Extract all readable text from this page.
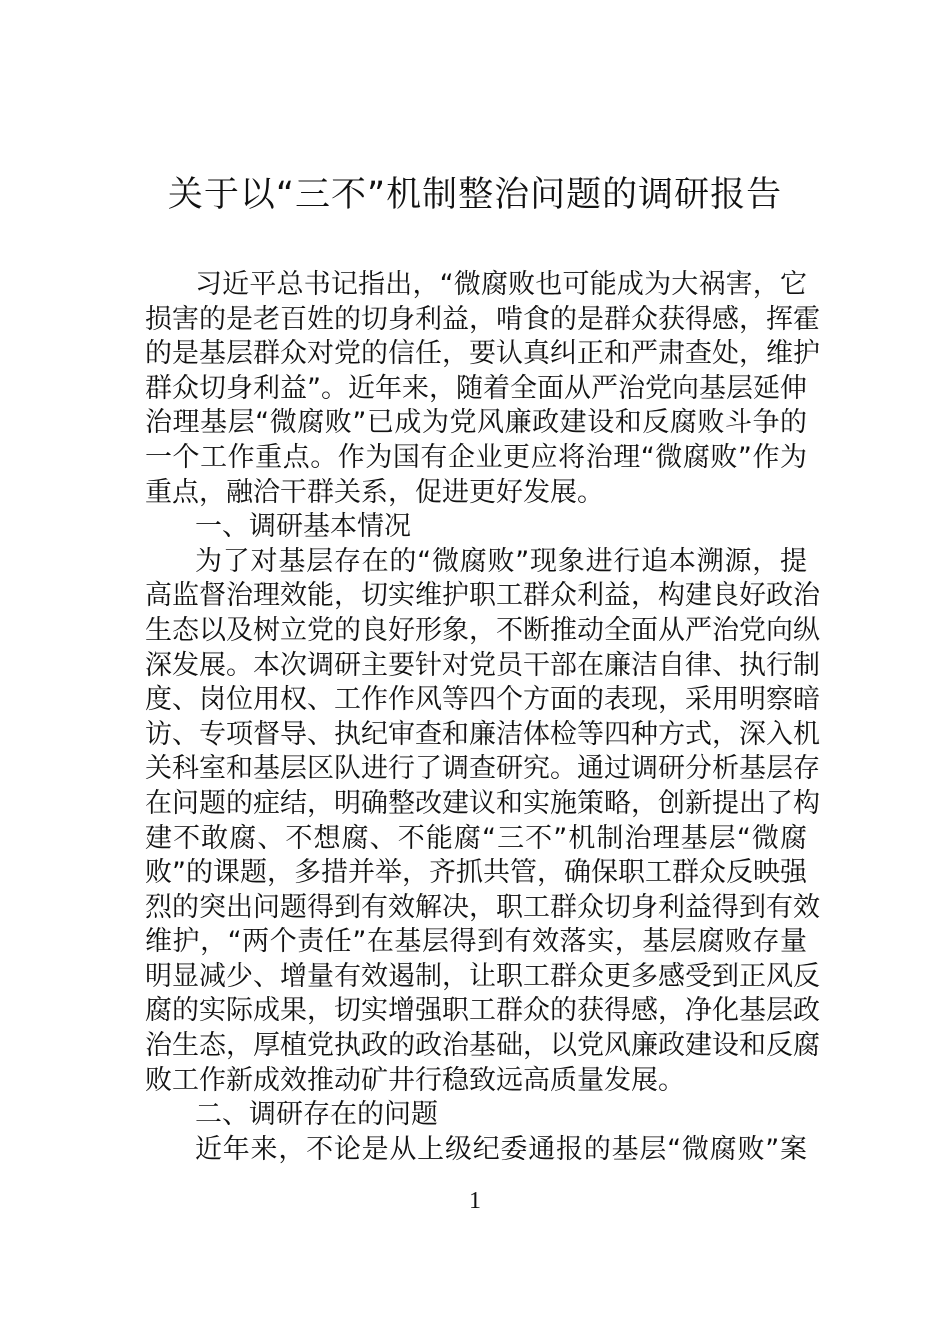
关于以“三不”机制整治问题的调研报告
习近平总书记指出，“微腐败也可能成为大祸害，它
损害的是老百姓的切身利益，啃食的是群众获得感，挥霍
的是基层群众对党的信任，要认真纠正和严肃查处，维护
群众切身利益”。近年来，随着全面从严治党向基层延伸
治理基层“微腐败”已成为党风廉政建设和反腐败斗争的
一个工作重点。作为国有企业更应将治理“微腐败”作为
重点，融洽干群关系，促进更好发展。
一、调研基本情况
为了对基层存在的“微腐败”现象进行追本溯源，提
高监督治理效能，切实维护职工群众利益，构建良好政治
生态以及树立党的良好形象，不断推动全面从严治党向纵
深发展。本次调研主要针对党员干部在廉洁自律、执行制
度、岗位用权、工作作风等四个方面的表现，采用明察暗
访、专项督导、执纪审查和廉洁体检等四种方式，深入机
关科室和基层区队进行了调查研究。通过调研分析基层存
在问题的症结，明确整改建议和实施策略，创新提出了构
建不敢腐、不想腐、不能腐“三不”机制治理基层“微腐
败”的课题，多措并举，齐抓共管，确保职工群众反映强
烈的突出问题得到有效解决，职工群众切身利益得到有效
维护，“两个责任”在基层得到有效落实，基层腐败存量
明显减少、增量有效遏制，让职工群众更多感受到正风反
腐的实际成果，切实增强职工群众的获得感，净化基层政
治生态，厚植党执政的政治基础，以党风廉政建设和反腐
败工作新成效推动矿井行稳致远高质量发展。
二、调研存在的问题
近年来，不论是从上级纪委通报的基层“微腐败”案
1
